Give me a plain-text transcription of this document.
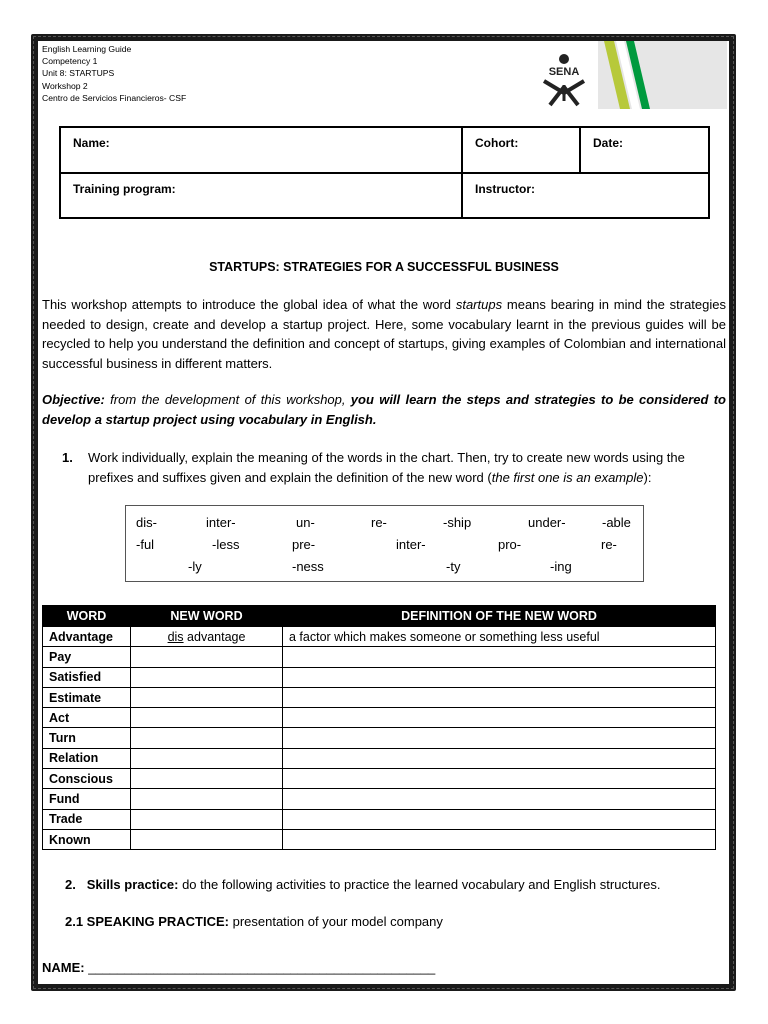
English Learning Guide
Competency 1
Unit 8: STARTUPS
Workshop 2
Centro de Servicios Financieros- CSF
SENA
Name:	Cohort:	Date:
Training program:	Instructor:	
STARTUPS: STRATEGIES FOR A SUCCESSFUL BUSINESS
This workshop attempts to introduce the global idea of what the word startups means bearing in mind the strategies needed to design, create and develop a startup project. Here, some vocabulary learnt in the previous guides will be recycled to help you understand the definition and concept of startups, giving examples of Colombian and international successful business in different matters.
Objective: from the development of this workshop, you will learn the steps and strategies to be considered to develop a startup project using vocabulary in English.
1. Work individually, explain the meaning of the words in the chart. Then, try to create new words using the prefixes and suffixes given and explain the definition of the new word (the first one is an example):
dis-	inter-	un-	re-	-ship	under-	-able
-ful	-less	pre-	inter-	pro-	re-
-ly	-ness	-ty	-ing
WORD	NEW WORD	DEFINITION OF THE NEW WORD
Advantage	dis advantage	a factor which makes someone or something less useful
Pay		
Satisfied		
Estimate		
Act		
Turn		
Relation		
Conscious		
Fund		
Trade		
Known		
2. Skills practice: do the following activities to practice the learned vocabulary and English structures.
2.1 SPEAKING PRACTICE: presentation of your model company
NAME: ________________________________________________
